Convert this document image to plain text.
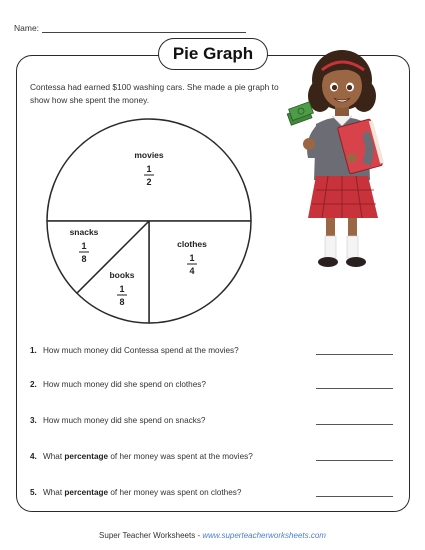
Name:
Pie Graph
Contessa had earned $100 washing cars. She made a pie graph to show how she spent the money.
movies
1
2
clothes
1
4
books
1
8
snacks
1
8
1. How much money did Contessa spend at the movies?
2. How much money did she spend on clothes?
3. How much money did she spend on snacks?
4. What percentage of her money was spent at the movies?
5. What percentage of her money was spent on clothes?
Super Teacher Worksheets - www.superteacherworksheets.com
